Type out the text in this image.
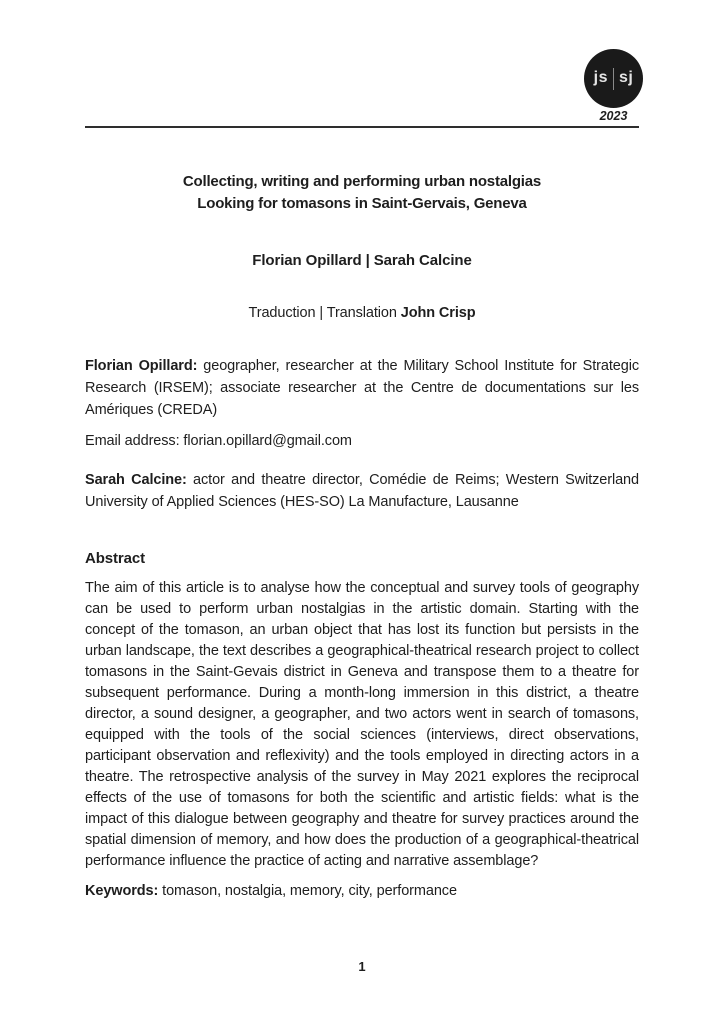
js sj
2023
Collecting, writing and performing urban nostalgias
Looking for tomasons in Saint-Gervais, Geneva
Florian Opillard | Sarah Calcine
Traduction | Translation John Crisp

Florian Opillard: geographer, researcher at the Military School Institute for Strategic Research (IRSEM); associate researcher at the Centre de documentations sur les Amériques (CREDA)

Email address: florian.opillard@gmail.com

Sarah Calcine: actor and theatre director, Comédie de Reims; Western Switzerland University of Applied Sciences (HES-SO) La Manufacture, Lausanne

Abstract

The aim of this article is to analyse how the conceptual and survey tools of geography can be used to perform urban nostalgias in the artistic domain. Starting with the concept of the tomason, an urban object that has lost its function but persists in the urban landscape, the text describes a geographical-theatrical research project to collect tomasons in the Saint-Gevais district in Geneva and transpose them to a theatre for subsequent performance. During a month-long immersion in this district, a theatre director, a sound designer, a geographer, and two actors went in search of tomasons, equipped with the tools of the social sciences (interviews, direct observations, participant observation and reflexivity) and the tools employed in directing actors in a theatre. The retrospective analysis of the survey in May 2021 explores the reciprocal effects of the use of tomasons for both the scientific and artistic fields: what is the impact of this dialogue between geography and theatre for survey practices around the spatial dimension of memory, and how does the production of a geographical-theatrical performance influence the practice of acting and narrative assemblage?

Keywords: tomason, nostalgia, memory, city, performance

1
